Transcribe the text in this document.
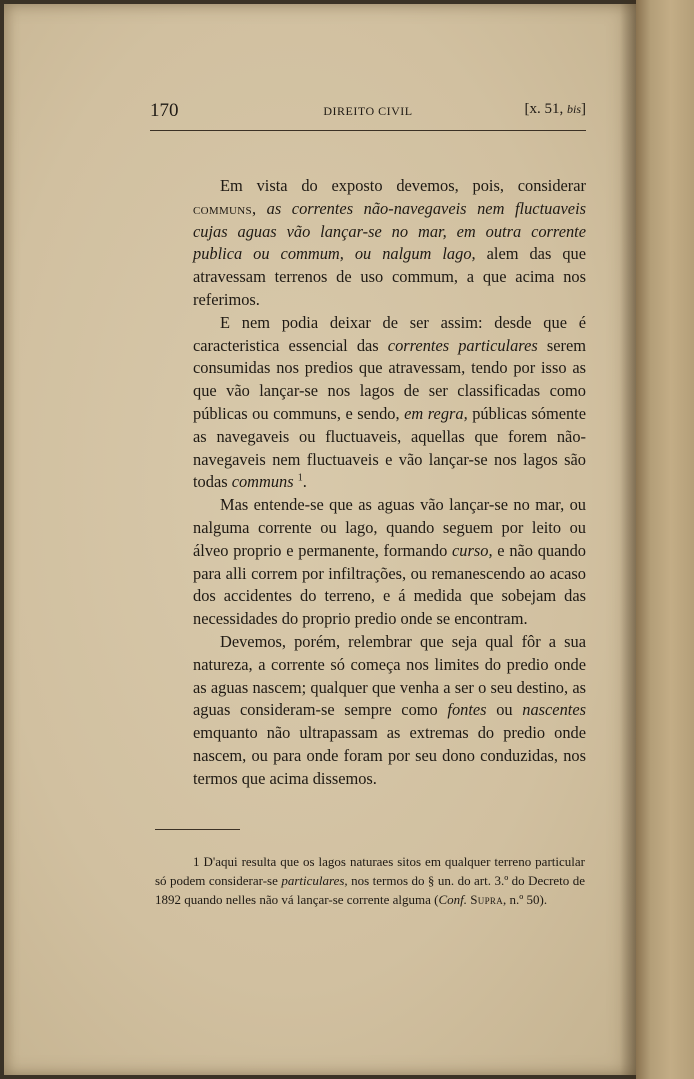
170	DIREITO CIVIL	[x. 51, bis]

Em vista do exposto devemos, pois, considerar communs, as correntes não-navegaveis nem fluctuaveis cujas aguas vão lançar-se no mar, em outra corrente publica ou commum, ou nalgum lago, alem das que atravessam terrenos de uso commum, a que acima nos referimos.

E nem podia deixar de ser assim: desde que é caracteristica essencial das correntes particulares serem consumidas nos predios que atravessam, tendo por isso as que vão lançar-se nos lagos de ser classificadas como públicas ou communs, e sendo, em regra, públicas sómente as navegaveis ou fluctuaveis, aquellas que forem não-navegaveis nem fluctuaveis e vão lançar-se nos lagos são todas communs $^1$.

Mas entende-se que as aguas vão lançar-se no mar, ou nalguma corrente ou lago, quando seguem por leito ou álveo proprio e permanente, formando curso, e não quando para alli correm por infiltrações, ou remanescendo ao acaso dos accidentes do terreno, e á medida que sobejam das necessidades do proprio predio onde se encontram.

Devemos, porém, relembrar que seja qual fôr a sua natureza, a corrente só começa nos limites do predio onde as aguas nascem; qualquer que venha a ser o seu destino, as aguas consideram-se sempre como fontes ou nascentes emquanto não ultrapassam as extremas do predio onde nascem, ou para onde foram por seu dono conduzidas, nos termos que acima dissemos.

1 D'aqui resulta que os lagos naturaes sitos em qualquer terreno particular só podem considerar-se particulares, nos termos do § un. do art. 3.º do Decreto de 1892 quando nelles não vá lançar-se corrente alguma (Conf. Supra, n.º 50).
